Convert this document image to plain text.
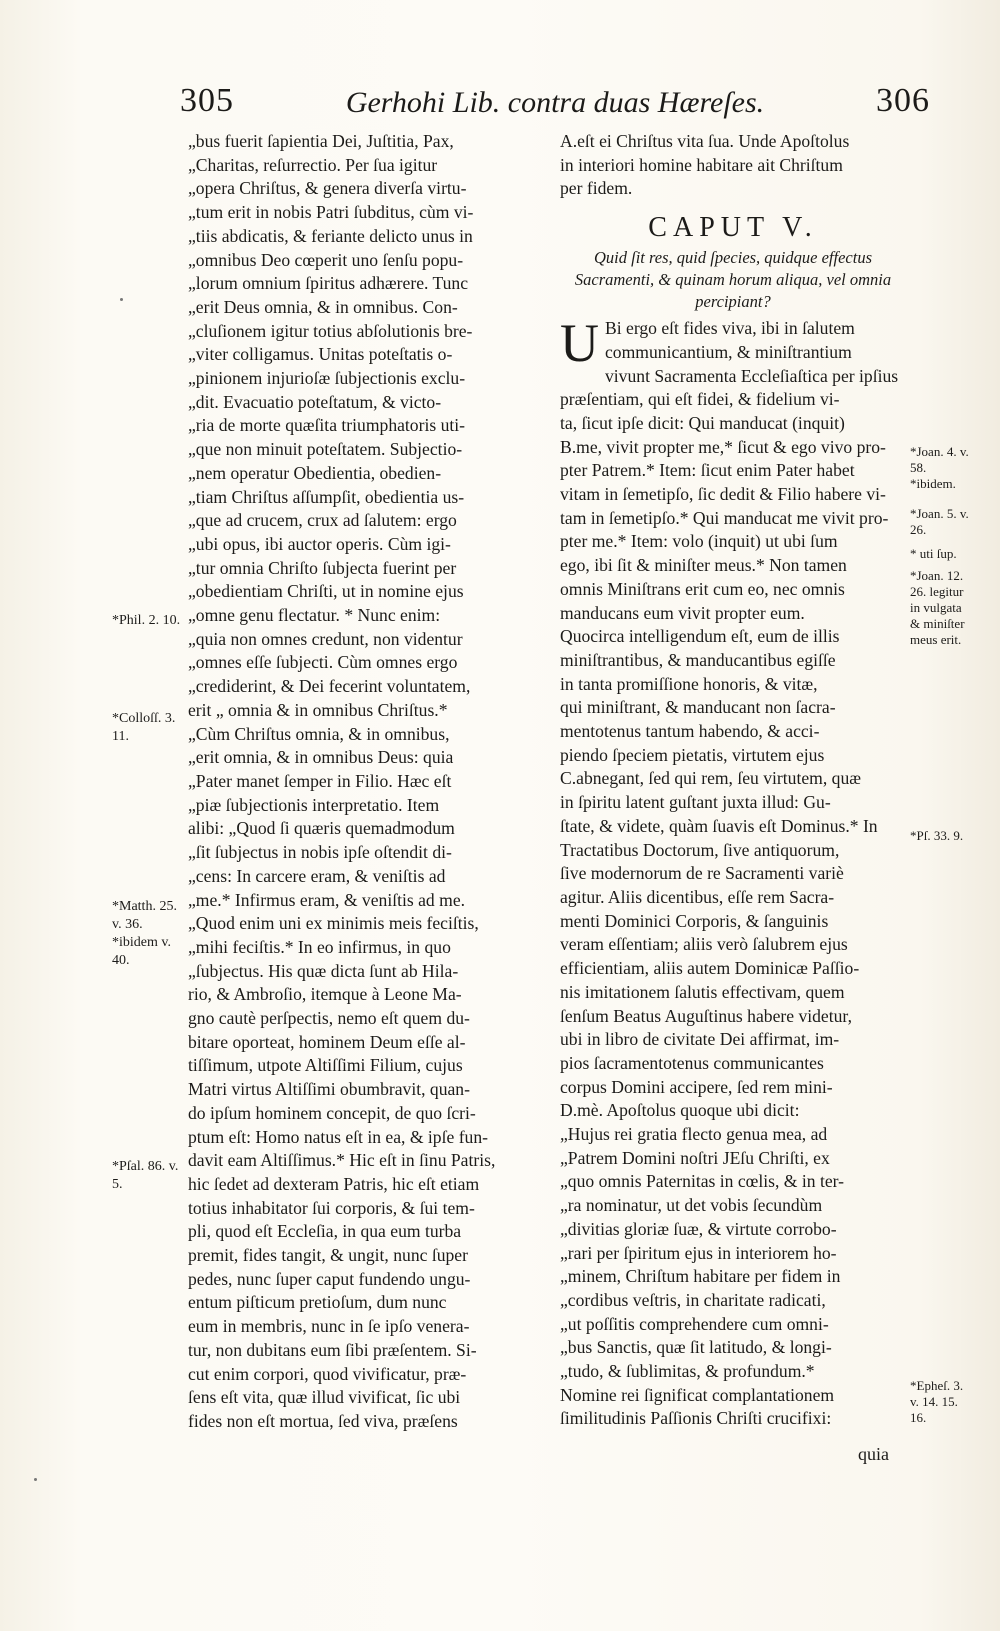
305	Gerhohi Lib. contra duas Hæreſes.	306

„bus fuerit ſapientia Dei, Juſtitia, Pax,

„Charitas, reſurrectio. Per ſua igitur

„opera Chriſtus, & genera diverſa virtu-

„tum erit in nobis Patri ſubditus, cùm vi-

„tiis abdicatis, & feriante delicto unus in

„omnibus Deo cœperit uno ſenſu popu-

„lorum omnium ſpiritus adhærere. Tunc

„erit Deus omnia, & in omnibus. Con-

„cluſionem igitur totius abſolutionis bre-

„viter colligamus. Unitas poteſtatis o-

„pinionem injurioſæ ſubjectionis exclu-

„dit. Evacuatio poteſtatum, & victo-

„ria de morte quæſita triumphatoris uti-

„que non minuit poteſtatem. Subjectio-

„nem operatur Obedientia, obedien-

„tiam Chriſtus aſſumpſit, obedientia us-

„que ad crucem, crux ad ſalutem: ergo

„ubi opus, ibi auctor operis. Cùm igi-

„tur omnia Chriſto ſubjecta fuerint per

„obedientiam Chriſti, ut in nomine ejus

„omne genu flectatur. * Nunc enim:

„quia non omnes credunt, non videntur

„omnes eſſe ſubjecti. Cùm omnes ergo

„crediderint, & Dei fecerint voluntatem,

erit „ omnia & in omnibus Chriſtus.*

„Cùm Chriſtus omnia, & in omnibus,

„erit omnia, & in omnibus Deus: quia

„Pater manet ſemper in Filio. Hæc eſt

„piæ ſubjectionis interpretatio. Item

alibi: „Quod ſi quæris quemadmodum

„ſit ſubjectus in nobis ipſe oſtendit di-

„cens: In carcere eram, & veniſtis ad

„me.* Infirmus eram, & veniſtis ad me.

„Quod enim uni ex minimis meis feciſtis,

„mihi feciſtis.* In eo infirmus, in quo

„ſubjectus. His quæ dicta ſunt ab Hila-

rio, & Ambroſio, itemque à Leone Ma-

gno cautè perſpectis, nemo eſt quem du-

bitare oporteat, hominem Deum eſſe al-

tiſſimum, utpote Altiſſimi Filium, cujus

Matri virtus Altiſſimi obumbravit, quan-

do ipſum hominem concepit, de quo ſcri-

ptum eſt: Homo natus eſt in ea, & ipſe fun-

davit eam Altiſſimus.* Hic eſt in ſinu Patris,

hic ſedet ad dexteram Patris, hic eſt etiam

totius inhabitator ſui corporis, & ſui tem-

pli, quod eſt Eccleſia, in qua eum turba

premit, fides tangit, & ungit, nunc ſuper

pedes, nunc ſuper caput fundendo ungu-

entum piſticum pretioſum, dum nunc

eum in membris, nunc in ſe ipſo venera-

tur, non dubitans eum ſibi præſentem. Si-

cut enim corpori, quod vivificatur, præ-

ſens eſt vita, quæ illud vivificat, ſic ubi

fides non eſt mortua, ſed viva, præſens

A.eſt ei Chriſtus vita ſua. Unde Apoſtolus

in interiori homine habitare ait Chriſtum

per fidem.

CAPUT V.
Quid ſit res, quid ſpecies, quidque effectus Sacramenti, & quinam horum aliqua, vel omnia percipiant?
U Bi ergo eſt fides viva, ibi in ſalutem

communicantium, & miniſtrantium

vivunt Sacramenta Eccleſiaſtica per ipſius

præſentiam, qui eſt fidei, & fidelium vi-

ta, ſicut ipſe dicit: Qui manducat (inquit)

B.me, vivit propter me,* ſicut & ego vivo pro-

pter Patrem.* Item: ſicut enim Pater habet

vitam in ſemetipſo, ſic dedit & Filio habere vi-

tam in ſemetipſo.* Qui manducat me vivit pro-

pter me.* Item: volo (inquit) ut ubi ſum

ego, ibi ſit & miniſter meus.* Non tamen

omnis Miniſtrans erit cum eo, nec omnis

manducans eum vivit propter eum.

Quocirca intelligendum eſt, eum de illis

miniſtrantibus, & manducantibus egiſſe

in tanta promiſſione honoris, & vitæ,

qui miniſtrant, & manducant non ſacra-

mentotenus tantum habendo, & acci-

piendo ſpeciem pietatis, virtutem ejus

C.abnegant, ſed qui rem, ſeu virtutem, quæ

in ſpiritu latent guſtant juxta illud: Gu-

ſtate, & videte, quàm ſuavis eſt Dominus.* In

Tractatibus Doctorum, ſive antiquorum,

ſive modernorum de re Sacramenti variè

agitur. Aliis dicentibus, eſſe rem Sacra-

menti Dominici Corporis, & ſanguinis

veram eſſentiam; aliis verò ſalubrem ejus

efficientiam, aliis autem Dominicæ Paſſio-

nis imitationem ſalutis effectivam, quem

ſenſum Beatus Auguſtinus habere videtur,

ubi in libro de civitate Dei affirmat, im-

pios ſacramentotenus communicantes

corpus Domini accipere, ſed rem mini-

D.mè. Apoſtolus quoque ubi dicit:

„Hujus rei gratia flecto genua mea, ad

„Patrem Domini noſtri JEſu Chriſti, ex

„quo omnis Paternitas in cœlis, & in ter-

„ra nominatur, ut det vobis ſecundùm

„divitias gloriæ ſuæ, & virtute corrobo-

„rari per ſpiritum ejus in interiorem ho-

„minem, Chriſtum habitare per fidem in

„cordibus veſtris, in charitate radicati,

„ut poſſitis comprehendere cum omni-

„bus Sanctis, quæ ſit latitudo, & longi-

„tudo, & ſublimitas, & profundum.*

Nomine rei ſignificat complantationem

ſimilitudinis Paſſionis Chriſti crucifixi:

*Phil. 2. 10.
*Colloſſ. 3. 11.
*Matth. 25. v. 36. *ibidem v. 40.
*Pſal. 86. v. 5.
*Joan. 4. v. 58. *ibidem.
*Joan. 5. v. 26.
* uti ſup.
*Joan. 12. 26. legitur in vulgata & miniſter meus erit.
*Pſ. 33. 9.
*Epheſ. 3. v. 14. 15. 16.
quia
